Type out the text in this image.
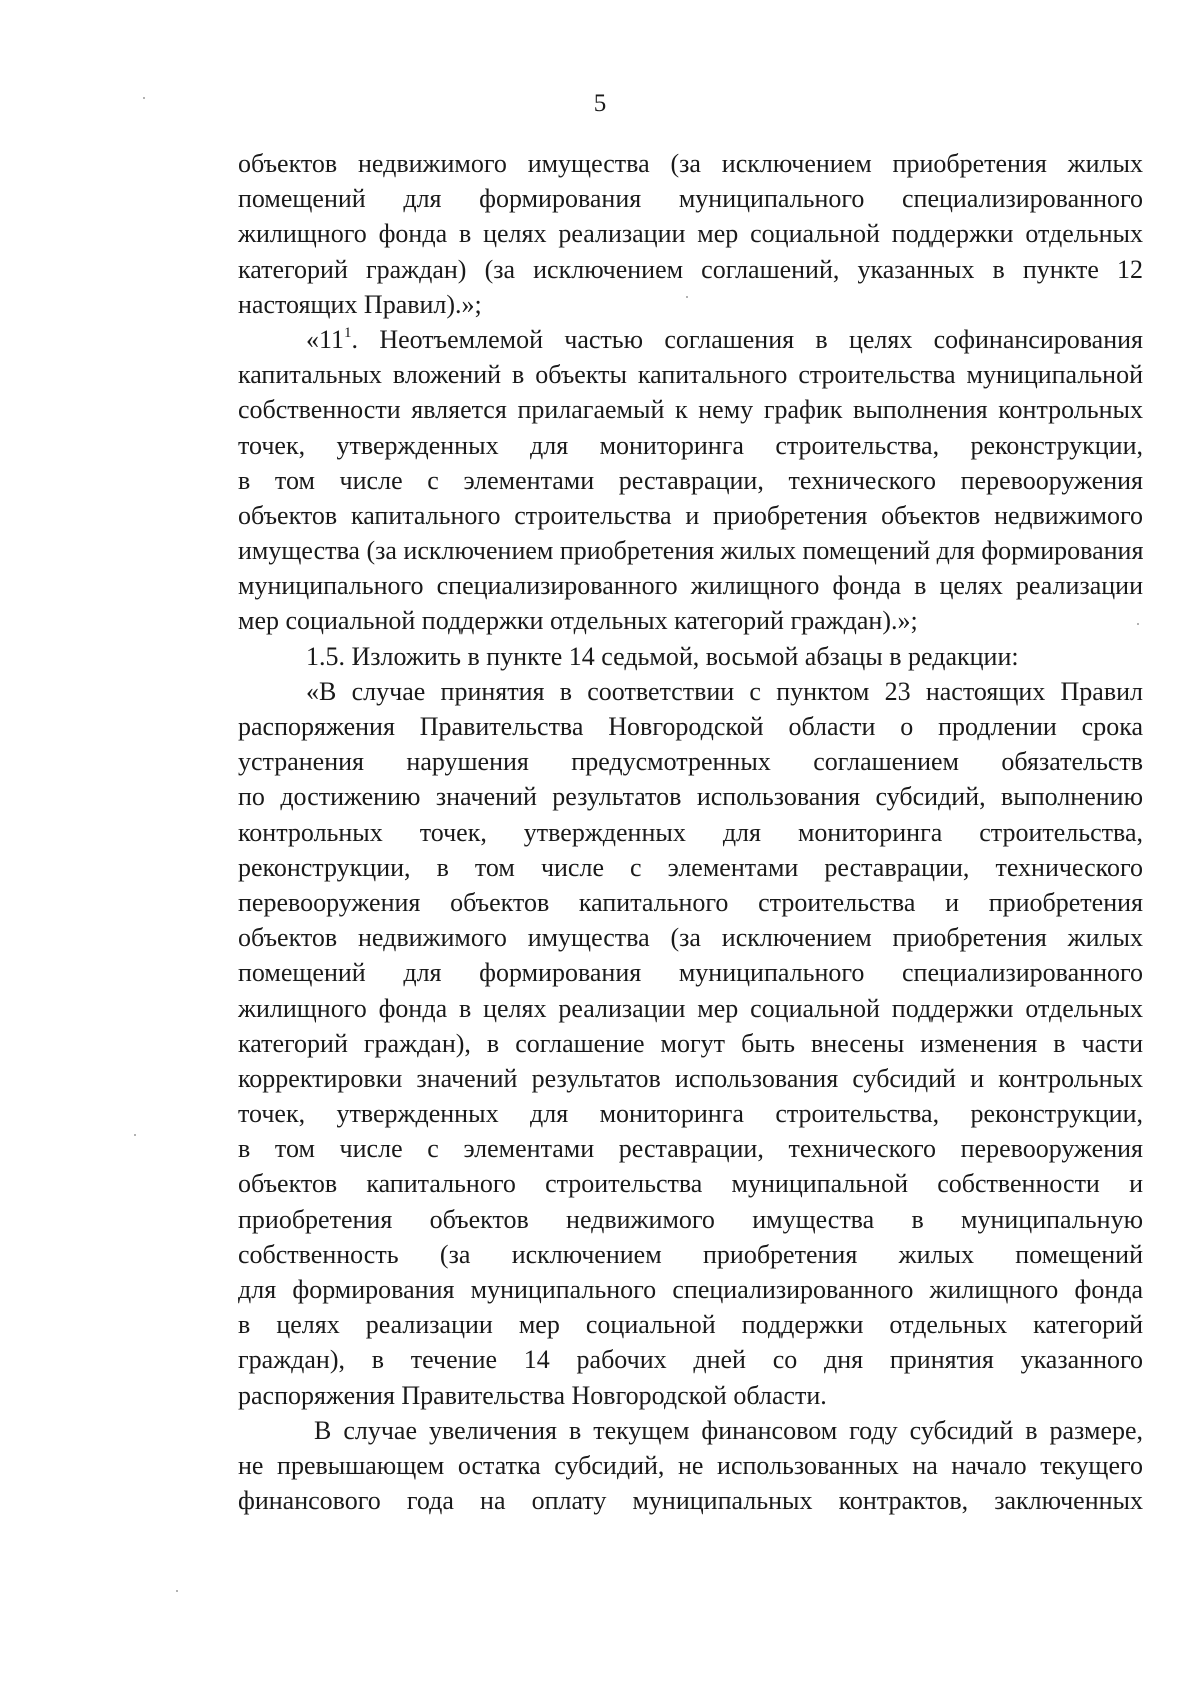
5
объектов недвижимого имущества (за исключением приобретения жилых
помещений для формирования муниципального специализированного
жилищного фонда в целях реализации мер социальной поддержки отдельных
категорий граждан) (за исключением соглашений, указанных в пункте 12
настоящих Правил).»;
«11$^1$. Неотъемлемой частью соглашения в целях софинансирования
капитальных вложений в объекты капитального строительства муниципальной
собственности является прилагаемый к нему график выполнения контрольных
точек, утвержденных для мониторинга строительства, реконструкции,
в том числе с элементами реставрации, технического перевооружения
объектов капитального строительства и приобретения объектов недвижимого
имущества (за исключением приобретения жилых помещений для формирования
муниципального специализированного жилищного фонда в целях реализации
мер социальной поддержки отдельных категорий граждан).»;
1.5. Изложить в пункте 14 седьмой, восьмой абзацы в редакции:
«В случае принятия в соответствии с пунктом 23 настоящих Правил
распоряжения Правительства Новгородской области о продлении срока
устранения нарушения предусмотренных соглашением обязательств
по достижению значений результатов использования субсидий, выполнению
контрольных точек, утвержденных для мониторинга строительства,
реконструкции, в том числе с элементами реставрации, технического
перевооружения объектов капитального строительства и приобретения
объектов недвижимого имущества (за исключением приобретения жилых
помещений для формирования муниципального специализированного
жилищного фонда в целях реализации мер социальной поддержки отдельных
категорий граждан), в соглашение могут быть внесены изменения в части
корректировки значений результатов использования субсидий и контрольных
точек, утвержденных для мониторинга строительства, реконструкции,
в том числе с элементами реставрации, технического перевооружения
объектов капитального строительства муниципальной собственности и
приобретения объектов недвижимого имущества в муниципальную
собственность (за исключением приобретения жилых помещений
для формирования муниципального специализированного жилищного фонда
в целях реализации мер социальной поддержки отдельных категорий
граждан), в течение 14 рабочих дней со дня принятия указанного
распоряжения Правительства Новгородской области.
В случае увеличения в текущем финансовом году субсидий в размере,
не превышающем остатка субсидий, не использованных на начало текущего
финансового года на оплату муниципальных контрактов, заключенных
